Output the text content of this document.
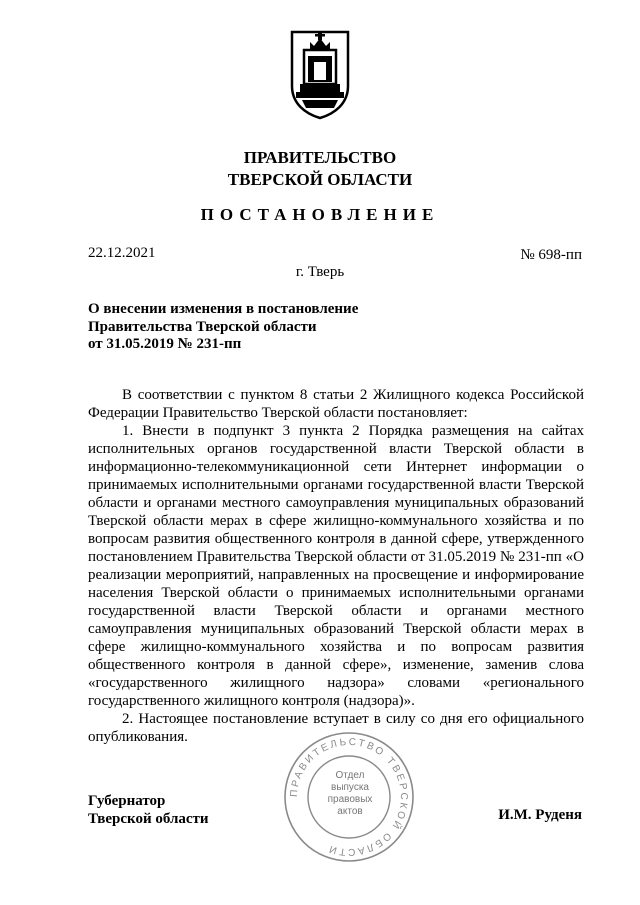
ПРАВИТЕЛЬСТВО
ТВЕРСКОЙ ОБЛАСТИ
ПОСТАНОВЛЕНИЕ
22.12.2021	№ 698-пп
г. Тверь
О внесении изменения в постановление
Правительства Тверской области
от 31.05.2019 № 231-пп

В соответствии с пунктом 8 статьи 2 Жилищного кодекса Российской Федерации Правительство Тверской области постановляет:

1. Внести в подпункт 3 пункта 2 Порядка размещения на сайтах исполнительных органов государственной власти Тверской области в информационно-телекоммуникационной сети Интернет информации о принимаемых исполнительными органами государственной власти Тверской области и органами местного самоуправления муниципальных образований Тверской области мерах в сфере жилищно-коммунального хозяйства и по вопросам развития общественного контроля в данной сфере, утвержденного постановлением Правительства Тверской области от 31.05.2019 № 231-пп «О реализации мероприятий, направленных на просвещение и информирование населения Тверской области о принимаемых исполнительными органами государственной власти Тверской области и органами местного самоуправления муниципальных образований Тверской области мерах в сфере жилищно-коммунального хозяйства и по вопросам развития общественного контроля в данной сфере», изменение, заменив слова «государственного жилищного надзора» словами «регионального государственного жилищного контроля (надзора)».

2. Настоящее постановление вступает в силу со дня его официального опубликования.

ПРАВИТЕЛЬСТВО ТВЕРСКОЙ ОБЛАСТИ
Отдел
выпуска
правовых
актов
Губернатор
Тверской области	И.М. Руденя
